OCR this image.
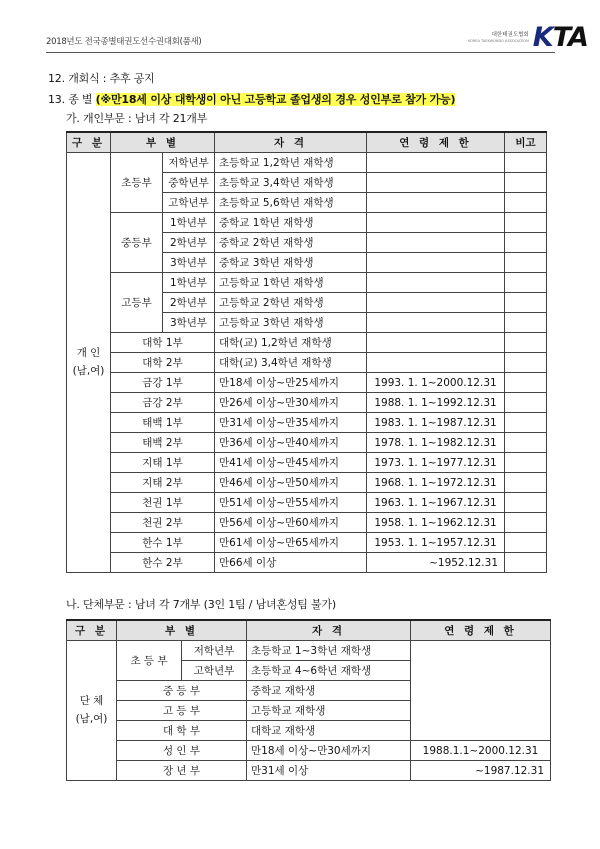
2018년도 전국종별태권도선수권대회(품새)
대한태권도협회
KOREA TAEKWONDO ASSOCIATION KTA
12. 개회식 : 추후 공지
13. 종 별 (※만18세 이상 대학생이 아닌 고등학교 졸업생의 경우 성인부로 참가 가능)
가. 개인부문 : 남녀 각 21개부
구 분	부 별		자 격	연 령 제 한	비고
개 인
(남,여)	초등부	저학년부	초등학교 1,2학년 재학생		
		중학년부	초등학교 3,4학년 재학생		
		고학년부	초등학교 5,6학년 재학생		
	중등부	1학년부	중학교 1학년 재학생		
		2학년부	중학교 2학년 재학생		
		3학년부	중학교 3학년 재학생		
	고등부	1학년부	고등학교 1학년 재학생		
		2학년부	고등학교 2학년 재학생		
		3학년부	고등학교 3학년 재학생		
	대학 1부		대학(교) 1,2학년 재학생		
	대학 2부		대학(교) 3,4학년 재학생		
	금강 1부		만18세 이상~만25세까지	1993. 1. 1~2000.12.31	
	금강 2부		만26세 이상~만30세까지	1988. 1. 1~1992.12.31	
	태백 1부		만31세 이상~만35세까지	1983. 1. 1~1987.12.31	
	태백 2부		만36세 이상~만40세까지	1978. 1. 1~1982.12.31	
	지태 1부		만41세 이상~만45세까지	1973. 1. 1~1977.12.31	
	지태 2부		만46세 이상~만50세까지	1968. 1. 1~1972.12.31	
	천권 1부		만51세 이상~만55세까지	1963. 1. 1~1967.12.31	
	천권 2부		만56세 이상~만60세까지	1958. 1. 1~1962.12.31	
	한수 1부		만61세 이상~만65세까지	1953. 1. 1~1957.12.31	
	한수 2부		만66세 이상	~1952.12.31	
나. 단체부문 : 남녀 각 7개부 (3인 1팀 / 남녀혼성팀 불가)
구 분	부 별		자 격	연 령 제 한
단 체
(남,여)	초 등 부	저학년부	초등학교 1~3학년 재학생	
		고학년부	초등학교 4~6학년 재학생	
	중 등 부		중학교 재학생	
	고 등 부		고등학교 재학생	
	대 학 부		대학교 재학생	
	성 인 부		만18세 이상~만30세까지	1988.1.1~2000.12.31
	장 년 부		만31세 이상	~1987.12.31
